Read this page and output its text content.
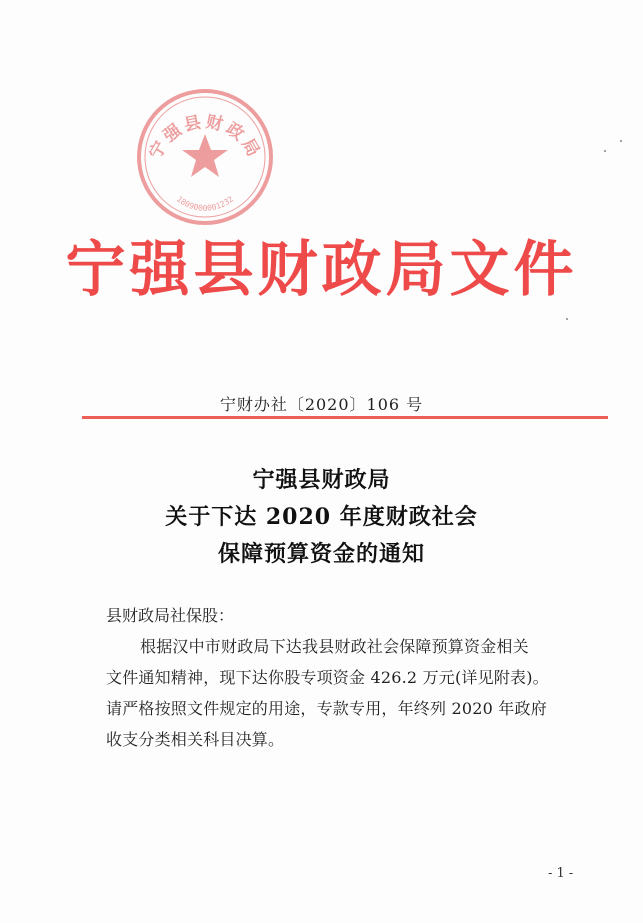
宁强县财政局
1809000001232
宁强县财政局文件
宁财办社〔2020〕106 号
宁强县财政局
关于下达 2020 年度财政社会
保障预算资金的通知

县财政局社保股：

根据汉中市财政局下达我县财政社会保障预算资金相关

文件通知精神，现下达你股专项资金 426.2 万元(详见附表)。

请严格按照文件规定的用途，专款专用，年终列 2020 年政府

收支分类相关科目决算。

- 1 -
